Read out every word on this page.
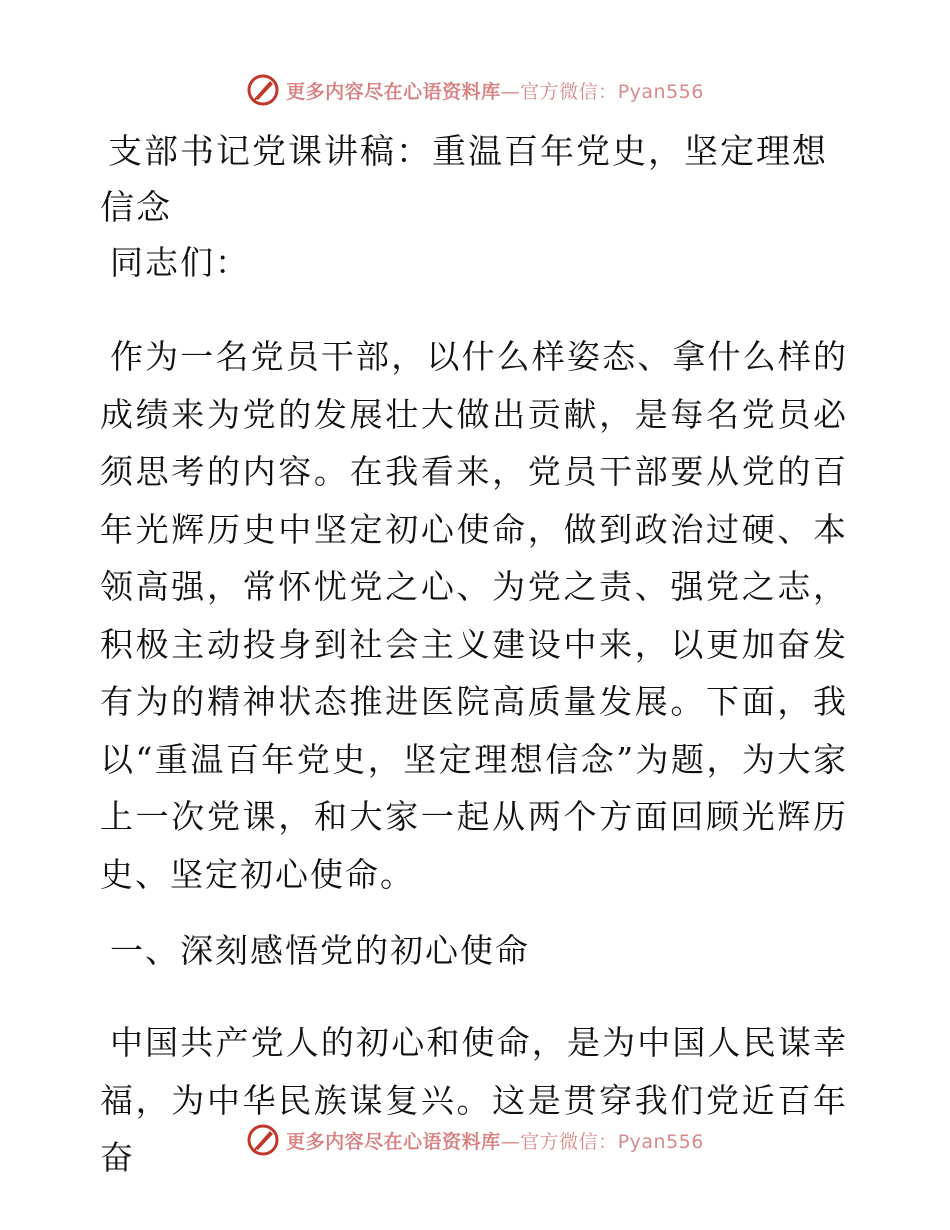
更多内容尽在心语资料库—官方微信：Pyan556
支部书记党课讲稿：重温百年党史，坚定理想信念

同志们：

作为一名党员干部，以什么样姿态、拿什么样的成绩来为党的发展壮大做出贡献，是每名党员必须思考的内容。在我看来，党员干部要从党的百年光辉历史中坚定初心使命，做到政治过硬、本领高强，常怀忧党之心、为党之责、强党之志，积极主动投身到社会主义建设中来，以更加奋发有为的精神状态推进医院高质量发展。下面，我以“重温百年党史，坚定理想信念”为题，为大家上一次党课，和大家一起从两个方面回顾光辉历史、坚定初心使命。

一、深刻感悟党的初心使命

中国共产党人的初心和使命，是为中国人民谋幸福，为中华民族谋复兴。这是贯穿我们党近百年奋	更多内容尽在心语资料库—官方微信：Pyan556
